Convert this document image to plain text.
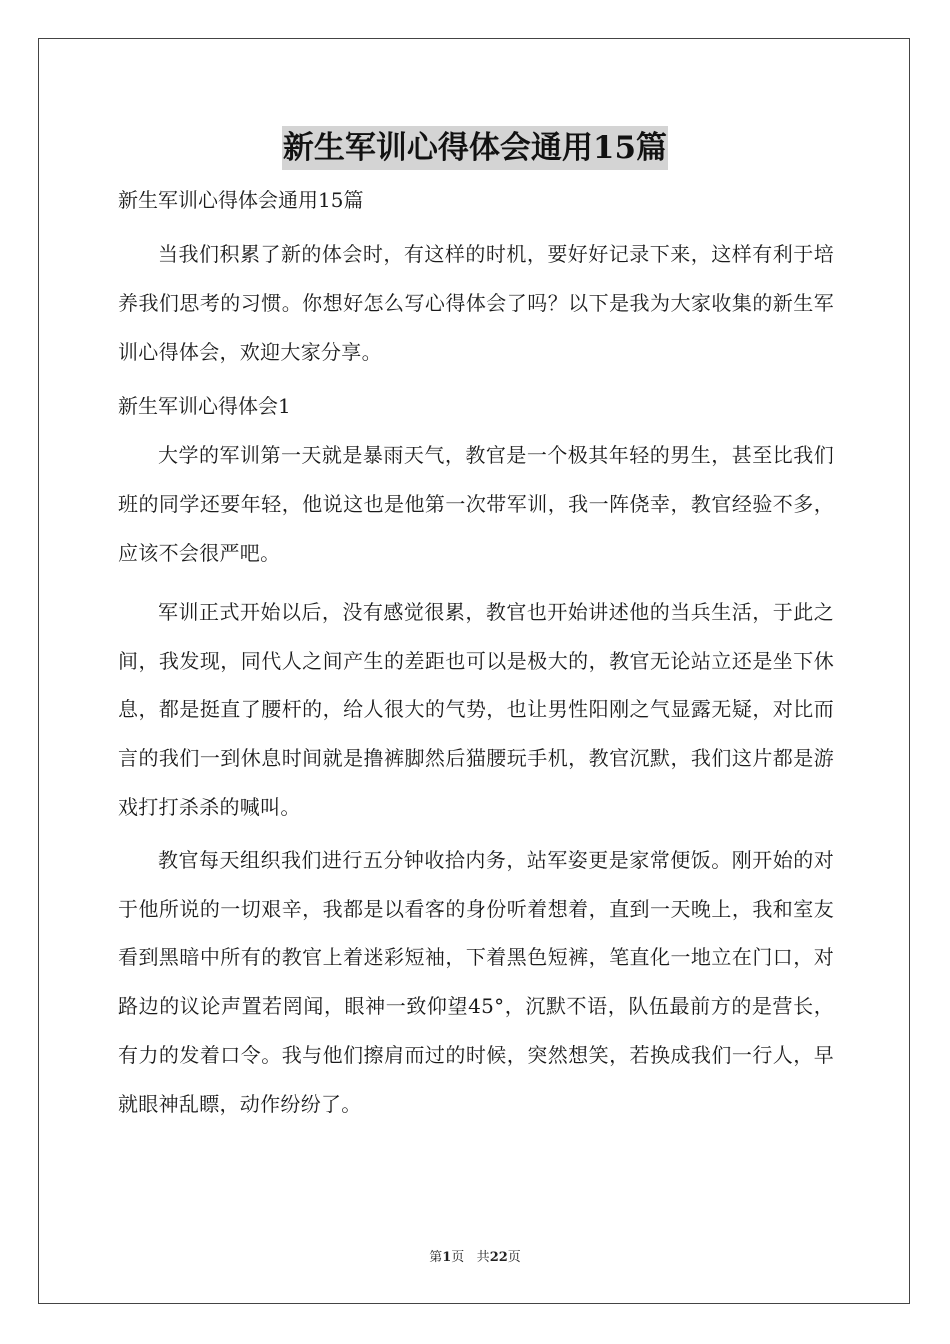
新生军训心得体会通用15篇

新生军训心得体会通用15篇

当我们积累了新的体会时，有这样的时机，要好好记录下来，这样有利于培养我们思考的习惯。你想好怎么写心得体会了吗？以下是我为大家收集的新生军训心得体会，欢迎大家分享。

新生军训心得体会1

大学的军训第一天就是暴雨天气，教官是一个极其年轻的男生，甚至比我们班的同学还要年轻，他说这也是他第一次带军训，我一阵侥幸，教官经验不多，应该不会很严吧。

军训正式开始以后，没有感觉很累，教官也开始讲述他的当兵生活，于此之间，我发现，同代人之间产生的差距也可以是极大的，教官无论站立还是坐下休息，都是挺直了腰杆的，给人很大的气势，也让男性阳刚之气显露无疑，对比而言的我们一到休息时间就是撸裤脚然后猫腰玩手机，教官沉默，我们这片都是游戏打打杀杀的喊叫。

教官每天组织我们进行五分钟收拾内务，站军姿更是家常便饭。刚开始的对于他所说的一切艰辛，我都是以看客的身份听着想着，直到一天晚上，我和室友看到黑暗中所有的教官上着迷彩短袖，下着黑色短裤，笔直化一地立在门口，对路边的议论声置若罔闻，眼神一致仰望45°，沉默不语，队伍最前方的是营长，有力的发着口令。我与他们擦肩而过的时候，突然想笑，若换成我们一行人，早就眼神乱瞟，动作纷纷了。

第1页 共22页
